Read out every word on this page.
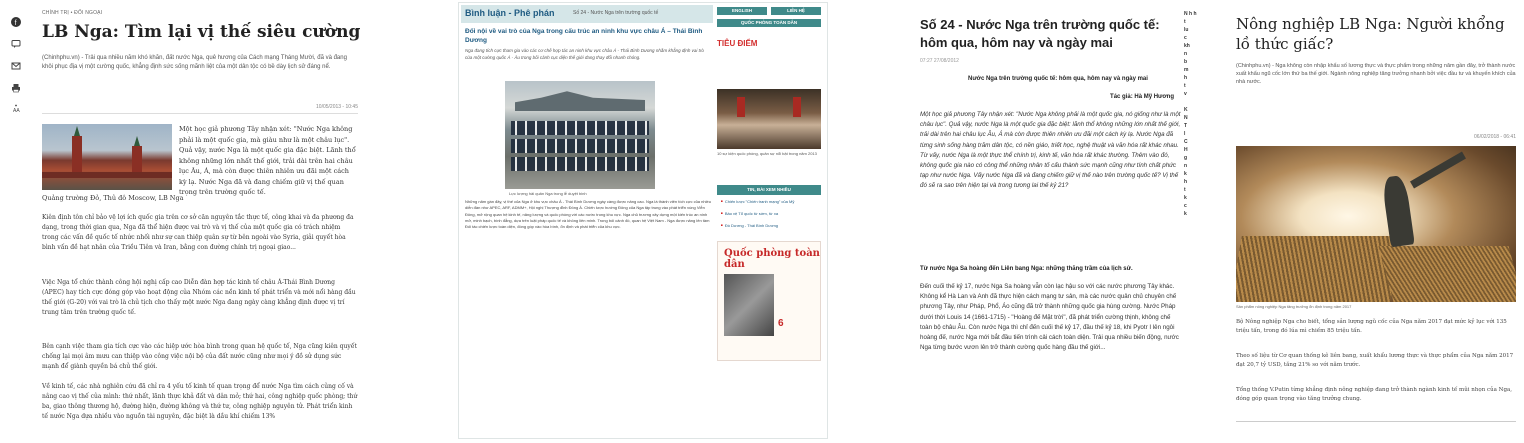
f
AA
CHÍNH TRỊ • ĐỐI NGOẠI
LB Nga: Tìm lại vị thế siêu cường
(Chinhphu.vn) - Trải qua nhiều năm khó khăn, đất nước Nga, quê hương của Cách mạng Tháng Mười, đã và đang khôi phục địa vị một cường quốc, khẳng định sức sống mãnh liệt của một dân tộc có bề dày lịch sử đáng nể.
10/05/2013 - 10:45
Một học giả phương Tây nhận xét: "Nước Nga không phải là một quốc gia, mà giàu như là một châu lục". Quả vậy, nước Nga là một quốc gia đặc biệt. Lãnh thổ không những lớn nhất thế giới, trải dài trên hai châu lục Âu, Á, mà còn được thiên nhiên ưu đãi một cách kỳ lạ. Nước Nga đã và đang chiếm giữ vị thế quan trọng trên trường quốc tế.
Quảng trường Đỏ, Thủ đô Moscow, LB Nga
Kiên định tôn chỉ bảo vệ lợi ích quốc gia trên cơ sở căn nguyên tắc thực tế, công khai và đa phương đa dạng, trong thời gian qua, Nga đã thể hiện được vai trò và vị thế của một quốc gia có trách nhiệm trong các vấn đề quốc tế nhức nhối như sự can thiệp quân sự từ bên ngoài vào Syria, giải quyết hòa bình vấn đề hạt nhân của Triều Tiên và Iran, bằng con đường chính trị ngoại giao...
Việc Nga tổ chức thành công hội nghị cấp cao Diễn đàn hợp tác kinh tế châu Á-Thái Bình Dương (APEC) hay tích cực đóng góp vào hoạt động của Nhóm các nền kinh tế phát triển và mới nổi hàng đầu thế giới (G-20) với vai trò là chủ tịch cho thấy một nước Nga đang ngày càng khẳng định được vị trí trung tâm trên trường quốc tế.
Bên cạnh việc tham gia tích cực vào các hiệp ước hòa bình trong quan hệ quốc tế, Nga cũng kiên quyết chống lại mọi âm mưu can thiệp vào công việc nội bộ của đất nước cũng như mọi ý đồ sử dụng sức mạnh để giành quyền bá chủ thế giới.
Về kinh tế, các nhà nghiên cứu đã chỉ ra 4 yếu tố kinh tế quan trọng để nước Nga tìm cách củng cố và nâng cao vị thế của mình: thứ nhất, lãnh thực khả đất và dân mỏ; thứ hai, công nghiệp quốc phòng; thứ ba, giao thông thương hộ, đường hiện, đường không và thứ tư, công nghiệp nguyên tử. Phát triển kinh tế nước Nga dựa nhiều vào nguồn tài nguyên, đặc biệt là dầu khí chiếm 13%
Bình luận - Phê phán	Số 24 - Nước Nga trên trường quốc tế
Đối nội về vai trò của Nga trong cấu trúc an ninh khu vực châu Á – Thái Bình Dương
Nga đang tích cực tham gia vào các cơ chế hợp tác an ninh khu vực châu Á - Thái Bình Dương nhằm khẳng định vai trò của một cường quốc Á - Âu trong bối cảnh cục diện thế giới đang thay đổi nhanh chóng.
Lực lượng hải quân Nga trong lễ duyệt binh
Những năm gần đây, vị thế của Nga ở khu vực châu Á - Thái Bình Dương ngày càng được nâng cao. Nga là thành viên tích cực của nhiều diễn đàn như APEC, ARF, ADMM+, Hội nghị Thượng đỉnh Đông Á. Chiến lược hướng Đông của Nga tập trung vào phát triển vùng Viễn Đông, mở rộng quan hệ kinh tế, năng lượng và quốc phòng với các nước trong khu vực. Nga chủ trương xây dựng một kiến trúc an ninh mở, minh bạch, bình đẳng, dựa trên luật pháp quốc tế và không liên minh. Trong bối cảnh đó, quan hệ Việt Nam - Nga được nâng lên tầm Đối tác chiến lược toàn diện, đóng góp vào hòa bình, ổn định và phát triển của khu vực.
ENGLISH	LIÊN HỆ
QUỐC PHÒNG TOÀN DÂN
TIÊU ĐIỂM
10 sự kiện quốc phòng, quân sự nổi bật trong năm 2013
TIN, BÀI XEM NHIỀU
■ Chiến lược "Chiến tranh mạng" của Mỹ
■ Bảo vệ Tổ quốc từ sớm, từ xa
■ Đồ Dương - Thái Bình Dương
Quốc phòng toàn dân
6
Số 24 - Nước Nga trên trường quốc tế: hôm qua, hôm nay và ngày mai
07:27 27/08/2012
Nước Nga trên trường quốc tế: hôm qua, hôm nay và ngày mai
Tác giả: Hà Mỹ Hương
Một học giả phương Tây nhận xét: "Nước Nga không phải là một quốc gia, nó giống như là một châu lục". Quả vậy, nước Nga là một quốc gia đặc biệt: lãnh thổ không những lớn nhất thế giới, trải dài trên hai châu lục Âu, Á mà còn được thiên nhiên ưu đãi một cách kỳ lạ. Nước Nga đã từng sinh sống hàng trăm dân tộc, có nền giáo, triết học, nghệ thuật và văn hóa rất khác nhau. Từ vấy, nước Nga là một thực thể chính trị, kinh tế, văn hóa rất khác thường. Thêm vào đó, không quốc gia nào có công thể những nhân tố cấu thành sức mạnh cũng như tính chất phức tạp như nước Nga. Vấy nước Nga đã và đang chiếm giữ vị thế nào trên trường quốc tế? Vị thế đó sẽ ra sao trên hiện tại và trong tương lai thế kỷ 21?
Từ nước Nga Sa hoàng đến Liên bang Nga: những thăng trầm của lịch sử.
Đến cuối thế kỷ 17, nước Nga Sa hoàng vẫn còn lạc hậu so với các nước phương Tây khác. Không kể Hà Lan và Anh đã thực hiện cách mạng tư sản, mà các nước quân chủ chuyên chế phương Tây, như Pháp, Phổ, Áo cũng đã trở thành những quốc gia hùng cường. Nước Pháp dưới thời Louis 14 (1661-1715) - "Hoàng đế Mặt trời", đã phát triển cường thịnh, không chế toàn bộ châu Âu. Còn nước Nga thì chỉ đến cuối thế kỷ 17, đầu thế kỷ 18, khi Pyotr I lên ngôi hoàng đế, nước Nga mới bắt đầu tiến trình cải cách toàn diện. Trải qua nhiều biến động, nước Nga từng bước vươn lên trở thành cường quốc hàng đầu thế giới...
N h h
t
lu
c
kh
n
b
m
h
t
v

K
N
T
l
C
H
g
n
k
h
t
k
c
k
Nông nghiệp LB Nga: Người khổng lồ thức giấc?
(Chinhphu.vn) - Nga không còn nhập khẩu số lương thực và thực phẩm trong những năm gần đây, trở thành nước xuất khẩu ngũ cốc lớn thứ ba thế giới. Ngành nông nghiệp tăng trưởng nhanh bởi việc đầu tư và khuyến khích của nhà nước.
06/02/2018 - 06:41
Sản phẩm nông nghiệp Nga tăng trưởng ổn định trong năm 2017
Bộ Nông nghiệp Nga cho biết, tổng sản lượng ngũ cốc của Nga năm 2017 đạt mức kỷ lục với 135 triệu tấn, trong đó lúa mì chiếm 85 triệu tấn.
Theo số liệu từ Cơ quan thống kê liên bang, xuất khẩu lương thực và thực phẩm của Nga năm 2017 đạt 20,7 tỷ USD, tăng 21% so với năm trước.
Tổng thống V.Putin từng khẳng định nông nghiệp đang trở thành ngành kinh tế mũi nhọn của Nga, đóng góp quan trọng vào tăng trưởng chung.
